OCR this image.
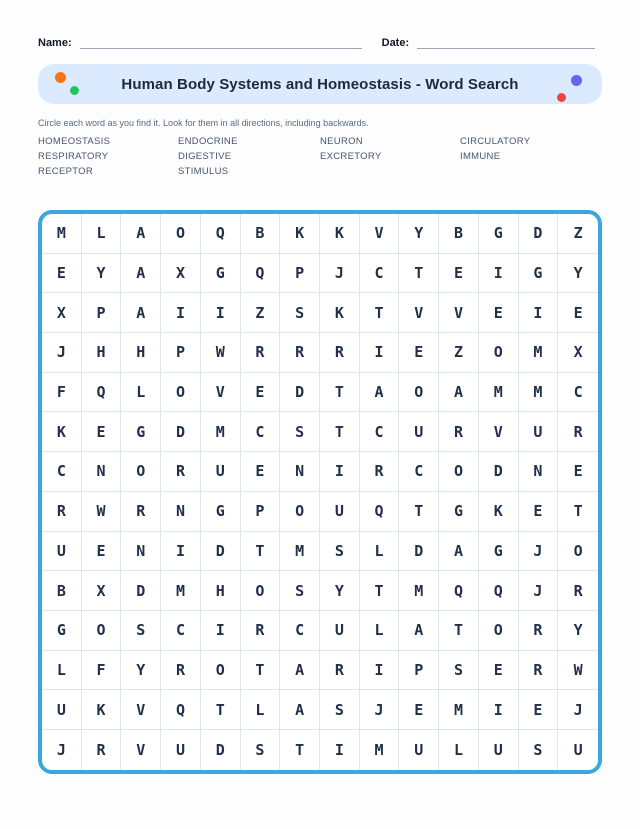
Name:	Date:
Human Body Systems and Homeostasis - Word Search
Circle each word as you find it. Look for them in all directions, including backwards.
HOMEOSTASIS
RESPIRATORY
RECEPTOR
ENDOCRINE
DIGESTIVE
STIMULUS
NEURON
EXCRETORY
CIRCULATORY
IMMUNE
M	L	A	O	Q	B	K	K	V	Y	B	G	D	Z
E	Y	A	X	G	Q	P	J	C	T	E	I	G	Y
X	P	A	I	I	Z	S	K	T	V	V	E	I	E
J	H	H	P	W	R	R	R	I	E	Z	O	M	X
F	Q	L	O	V	E	D	T	A	O	A	M	M	C
K	E	G	D	M	C	S	T	C	U	R	V	U	R
C	N	O	R	U	E	N	I	R	C	O	D	N	E
R	W	R	N	G	P	O	U	Q	T	G	K	E	T
U	E	N	I	D	T	M	S	L	D	A	G	J	O
B	X	D	M	H	O	S	Y	T	M	Q	Q	J	R
G	O	S	C	I	R	C	U	L	A	T	O	R	Y
L	F	Y	R	O	T	A	R	I	P	S	E	R	W
U	K	V	Q	T	L	A	S	J	E	M	I	E	J
J	R	V	U	D	S	T	I	M	U	L	U	S	U
